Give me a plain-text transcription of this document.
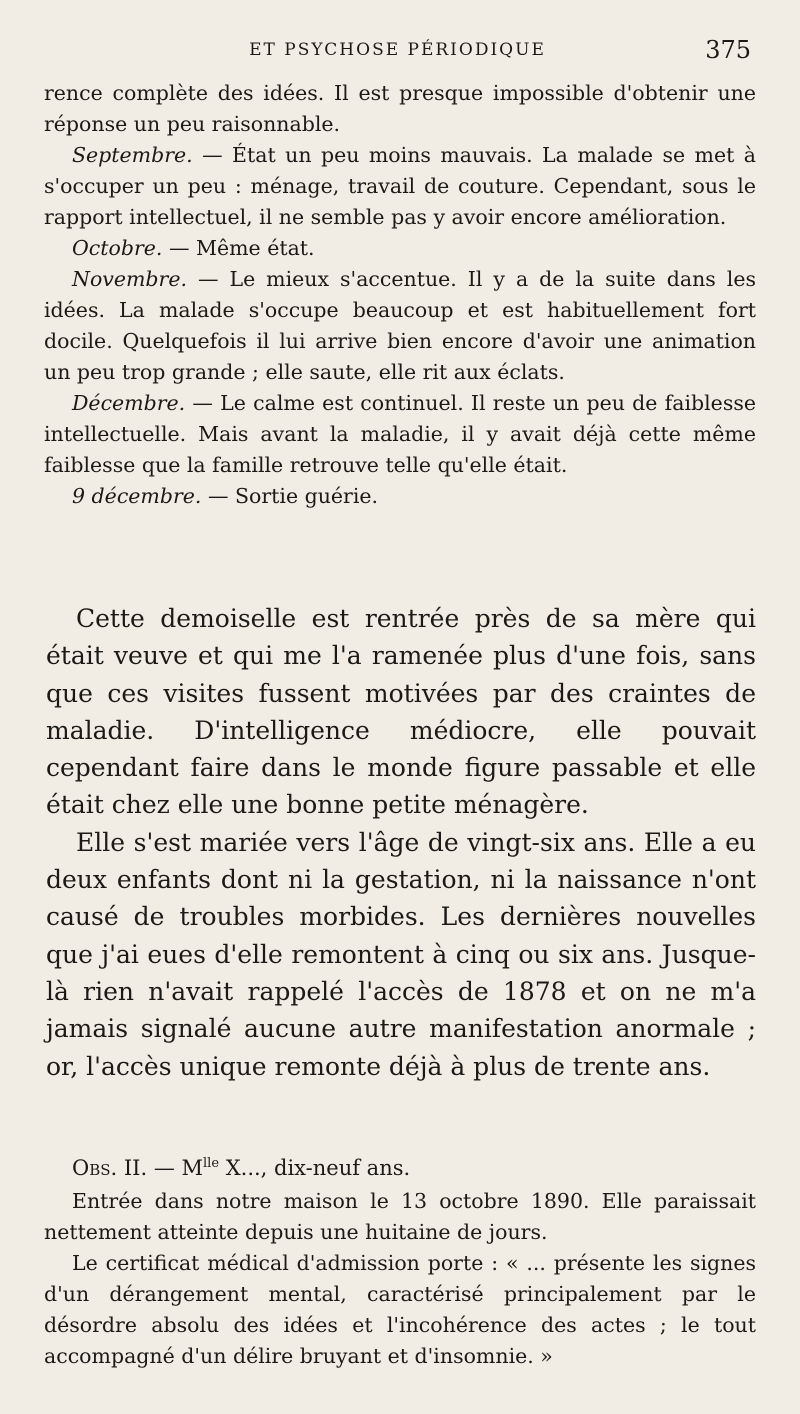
ET PSYCHOSE PÉRIODIQUE	375

rence complète des idées. Il est presque impossible d'obtenir une réponse un peu raisonnable.

Septembre. — État un peu moins mauvais. La malade se met à s'occuper un peu : ménage, travail de couture. Cependant, sous le rapport intellectuel, il ne semble pas y avoir encore amélioration.

Octobre. — Même état.

Novembre. — Le mieux s'accentue. Il y a de la suite dans les idées. La malade s'occupe beaucoup et est habituellement fort docile. Quelquefois il lui arrive bien encore d'avoir une animation un peu trop grande ; elle saute, elle rit aux éclats.

Décembre. — Le calme est continuel. Il reste un peu de faiblesse intellectuelle. Mais avant la maladie, il y avait déjà cette même faiblesse que la famille retrouve telle qu'elle était.

9 décembre. — Sortie guérie.

Cette demoiselle est rentrée près de sa mère qui était veuve et qui me l'a ramenée plus d'une fois, sans que ces visites fussent motivées par des craintes de maladie. D'intelligence médiocre, elle pouvait cependant faire dans le monde figure passable et elle était chez elle une bonne petite ménagère.

Elle s'est mariée vers l'âge de vingt-six ans. Elle a eu deux enfants dont ni la gestation, ni la naissance n'ont causé de troubles morbides. Les dernières nouvelles que j'ai eues d'elle remontent à cinq ou six ans. Jusque-là rien n'avait rappelé l'accès de 1878 et on ne m'a jamais signalé aucune autre manifestation anormale ; or, l'accès unique remonte déjà à plus de trente ans.

Obs. II. — $M^{lle}$ X..., dix-neuf ans.

Entrée dans notre maison le 13 octobre 1890. Elle paraissait nettement atteinte depuis une huitaine de jours.

Le certificat médical d'admission porte : « ... présente les signes d'un dérangement mental, caractérisé principalement par le désordre absolu des idées et l'incohérence des actes ; le tout accompagné d'un délire bruyant et d'insomnie. »
